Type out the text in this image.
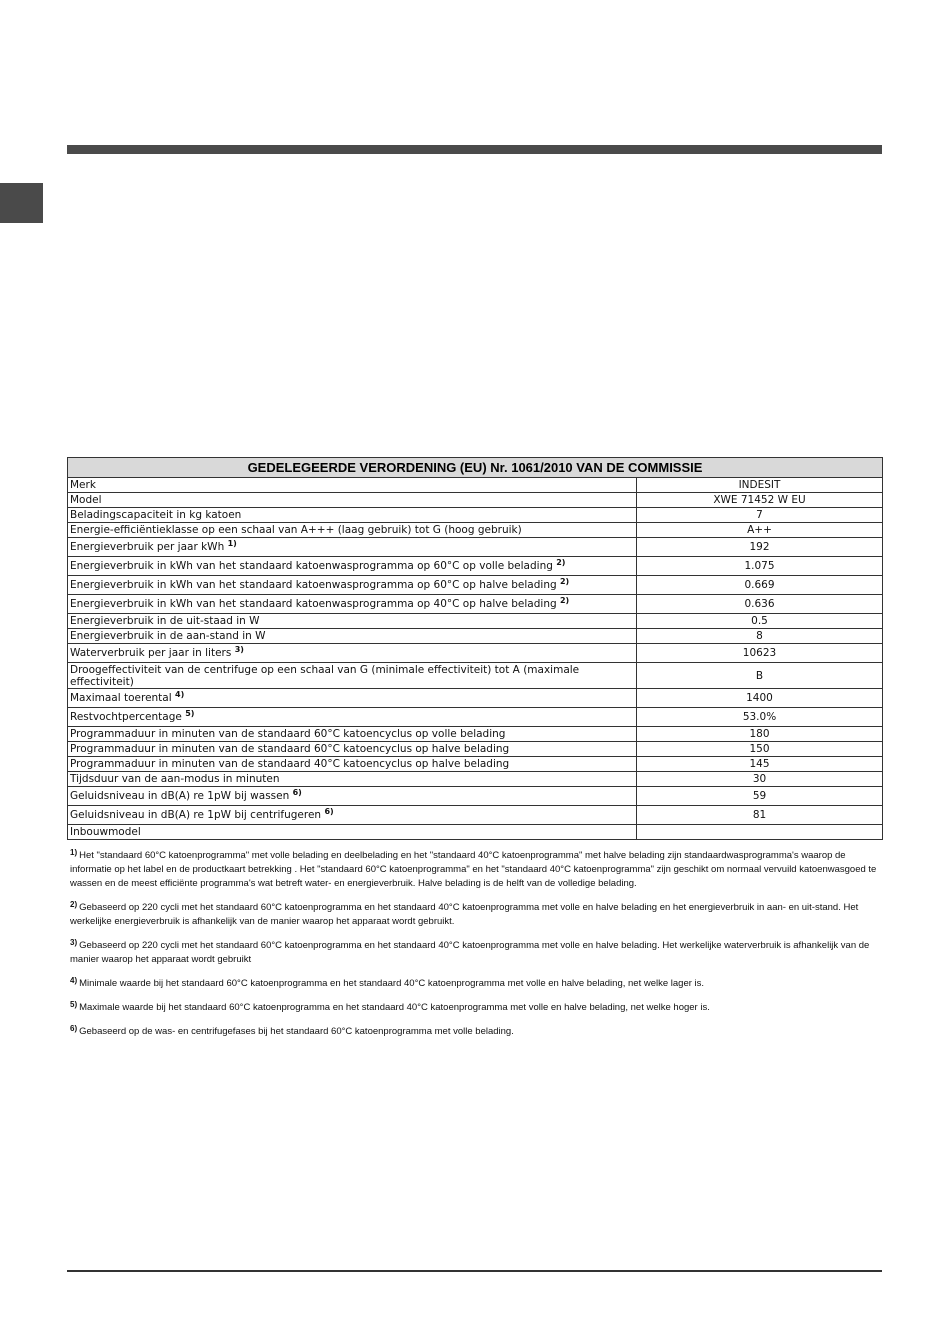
GEDELEGEERDE VERORDENING (EU) Nr. 1061/2010 VAN DE COMMISSIE	
Merk	INDESIT
Model	XWE 71452 W EU
Beladingscapaciteit in kg katoen	7
Energie-efficiëntieklasse op een schaal van A+++ (laag gebruik) tot G (hoog gebruik)	A++
Energieverbruik per jaar kWh $^{1)}$	192
Energieverbruik in kWh van het standaard katoenwasprogramma op 60°C op volle belading $^{2)}$	1.075
Energieverbruik in kWh van het standaard katoenwasprogramma op 60°C op halve belading $^{2)}$	0.669
Energieverbruik in kWh van het standaard katoenwasprogramma op 40°C op halve belading $^{2)}$	0.636
Energieverbruik in de uit-staad in W	0.5
Energieverbruik in de aan-stand in W	8
Waterverbruik per jaar in liters $^{3)}$	10623
Droogeffectiviteit van de centrifuge op een schaal van G (minimale effectiviteit) tot A (maximale effectiviteit)	B
Maximaal toerental $^{4)}$	1400
Restvochtpercentage $^{5)}$	53.0%
Programmaduur in minuten van de standaard 60°C katoencyclus op volle belading	180
Programmaduur in minuten van de standaard 60°C katoencyclus op halve belading	150
Programmaduur in minuten van de standaard 40°C katoencyclus op halve belading	145
Tijdsduur van de aan-modus in minuten	30
Geluidsniveau in dB(A) re 1pW bij wassen $^{6)}$	59
Geluidsniveau in dB(A) re 1pW bij centrifugeren $^{6)}$	81
Inbouwmodel	

$^{1)}$ Het "standaard 60°C katoenprogramma" met volle belading en deelbelading en het "standaard 40°C katoenprogramma" met halve belading zijn standaardwasprogramma's waarop de informatie op het label en de productkaart betrekking . Het "standaard 60°C katoenprogramma" en het "standaard 40°C katoenprogramma" zijn geschikt om normaal vervuild katoenwasgoed te wassen en de meest efficiënte programma's wat betreft water- en energieverbruik. Halve belading is de helft van de volledige belading.

$^{2)}$ Gebaseerd op 220 cycli met het standaard 60°C katoenprogramma en het standaard 40°C katoenprogramma met volle en halve belading en het energieverbruik in aan- en uit-stand. Het werkelijke energieverbruik is afhankelijk van de manier waarop het apparaat wordt gebruikt.

$^{3)}$ Gebaseerd op 220 cycli met het standaard 60°C katoenprogramma en het standaard 40°C katoenprogramma met volle en halve belading. Het werkelijke waterverbruik is afhankelijk van de manier waarop het apparaat wordt gebruikt

$^{4)}$ Minimale waarde bij het standaard 60°C katoenprogramma en het standaard 40°C katoenprogramma met volle en halve belading, net welke lager is.

$^{5)}$ Maximale waarde bij het standaard 60°C katoenprogramma en het standaard 40°C katoenprogramma met volle en halve belading, net welke hoger is.

$^{6)}$ Gebaseerd op de was- en centrifugefases bij het standaard 60°C katoenprogramma met volle belading.
